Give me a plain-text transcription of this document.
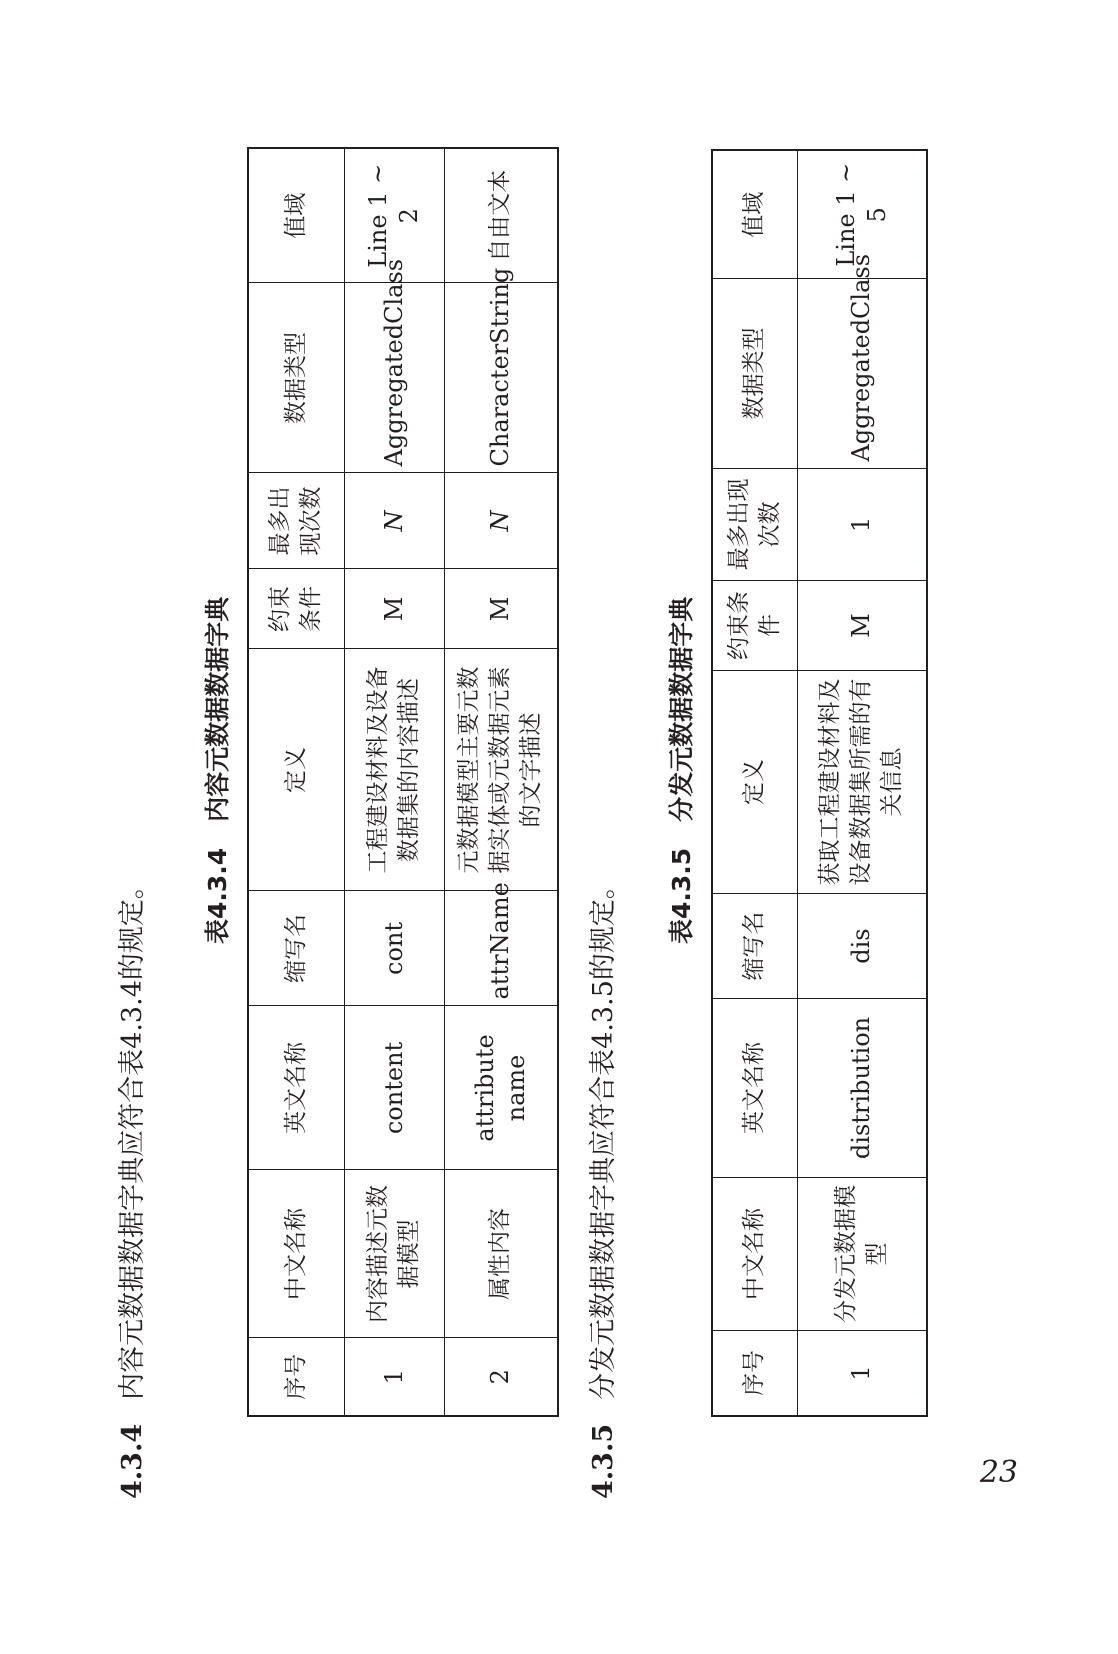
4.3.4内容元数据数据字典应符合表4.3.4的规定。 表4.3.4内容元数据数据字典
序号	中文名称	英文名称	缩写名	定义	约束条件	最多出现次数	数据类型	值域
1	内容描述元数据模型	content	cont	工程建设材料及设备数据集的内容描述	M	N	AggregatedClass	Line 1 ~ 2
2	属性内容	attribute name	attrName	元数据模型主要元数据实体或元数据元素的文字描述	M	N	CharacterString	自由文本
4.3.5分发元数据数据字典应符合表4.3.5的规定。 表4.3.5分发元数据数据字典
序号	中文名称	英文名称	缩写名	定义	约束条件	最多出现次数	数据类型	值域
1	分发元数据模型	distribution	dis	获取工程建设材料及设备数据集所需的有关信息	M	1	AggregatedClass	Line 1 ~ 5
23
